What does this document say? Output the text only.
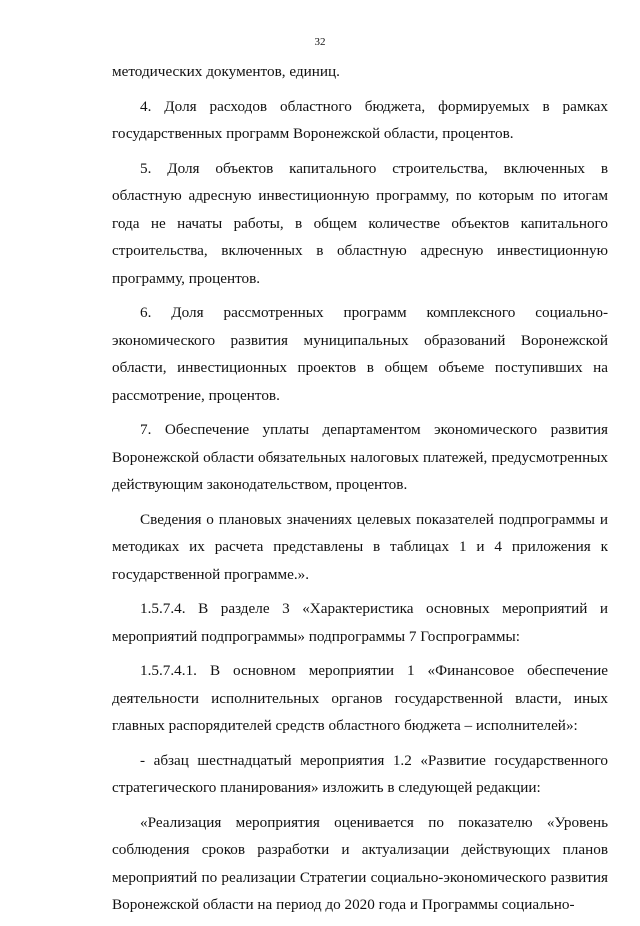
32

методических документов, единиц.

4. Доля расходов областного бюджета, формируемых в рамках государственных программ Воронежской области, процентов.

5. Доля объектов капитального строительства, включенных в областную адресную инвестиционную программу, по которым по итогам года не начаты работы, в общем количестве объектов капитального строительства, включенных в областную адресную инвестиционную программу, процентов.

6. Доля рассмотренных программ комплексного социально-экономического развития муниципальных образований Воронежской области, инвестиционных проектов в общем объеме поступивших на рассмотрение, процентов.

7. Обеспечение уплаты департаментом экономического развития Воронежской области обязательных налоговых платежей, предусмотренных действующим законодательством, процентов.

Сведения о плановых значениях целевых показателей подпрограммы и методиках их расчета представлены в таблицах 1 и 4 приложения к государственной программе.».

1.5.7.4. В разделе 3 «Характеристика основных мероприятий и мероприятий подпрограммы» подпрограммы 7 Госпрограммы:

1.5.7.4.1. В основном мероприятии 1 «Финансовое обеспечение деятельности исполнительных органов государственной власти, иных главных распорядителей средств областного бюджета – исполнителей»:

- абзац шестнадцатый мероприятия 1.2 «Развитие государственного стратегического планирования» изложить в следующей редакции:

«Реализация мероприятия оценивается по показателю «Уровень соблюдения сроков разработки и актуализации действующих планов мероприятий по реализации Стратегии социально-экономического развития Воронежской области на период до 2020 года и Программы социально-
